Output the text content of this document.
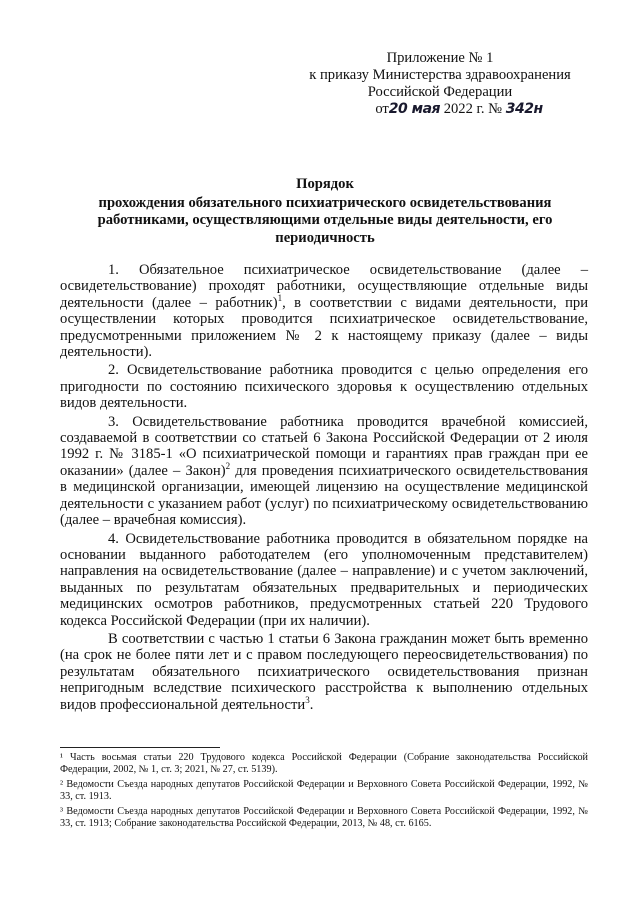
Приложение № 1
к приказу Министерства здравоохранения
Российской Федерации
от20 мая 2022 г. № 342н
Порядок
прохождения обязательного психиатрического освидетельствования
работниками, осуществляющими отдельные виды деятельности, его
периодичность

1. Обязательное психиатрическое освидетельствование (далее – освидетельствование) проходят работники, осуществляющие отдельные виды деятельности (далее – работник)$^1$, в соответствии с видами деятельности, при осуществлении которых проводится психиатрическое освидетельствование, предусмотренными приложением № 2 к настоящему приказу (далее – виды деятельности).

2. Освидетельствование работника проводится с целью определения его пригодности по состоянию психического здоровья к осуществлению отдельных видов деятельности.

3. Освидетельствование работника проводится врачебной комиссией, создаваемой в соответствии со статьей 6 Закона Российской Федерации от 2 июля 1992 г. № 3185-1 «О психиатрической помощи и гарантиях прав граждан при ее оказании» (далее – Закон)$^2$ для проведения психиатрического освидетельствования в медицинской организации, имеющей лицензию на осуществление медицинской деятельности с указанием работ (услуг) по психиатрическому освидетельствованию (далее – врачебная комиссия).

4. Освидетельствование работника проводится в обязательном порядке на основании выданного работодателем (его уполномоченным представителем) направления на освидетельствование (далее – направление) и с учетом заключений, выданных по результатам обязательных предварительных и периодических медицинских осмотров работников, предусмотренных статьей 220 Трудового кодекса Российской Федерации (при их наличии).

В соответствии с частью 1 статьи 6 Закона гражданин может быть временно (на срок не более пяти лет и с правом последующего переосвидетельствования) по результатам обязательного психиатрического освидетельствования признан непригодным вследствие психического расстройства к выполнению отдельных видов профессиональной деятельности$^3$.

¹ Часть восьмая статьи 220 Трудового кодекса Российской Федерации (Собрание законодательства Российской Федерации, 2002, № 1, ст. 3; 2021, № 27, ст. 5139).

² Ведомости Съезда народных депутатов Российской Федерации и Верховного Совета Российской Федерации, 1992, № 33, ст. 1913.

³ Ведомости Съезда народных депутатов Российской Федерации и Верховного Совета Российской Федерации, 1992, № 33, ст. 1913; Собрание законодательства Российской Федерации, 2013, № 48, ст. 6165.
